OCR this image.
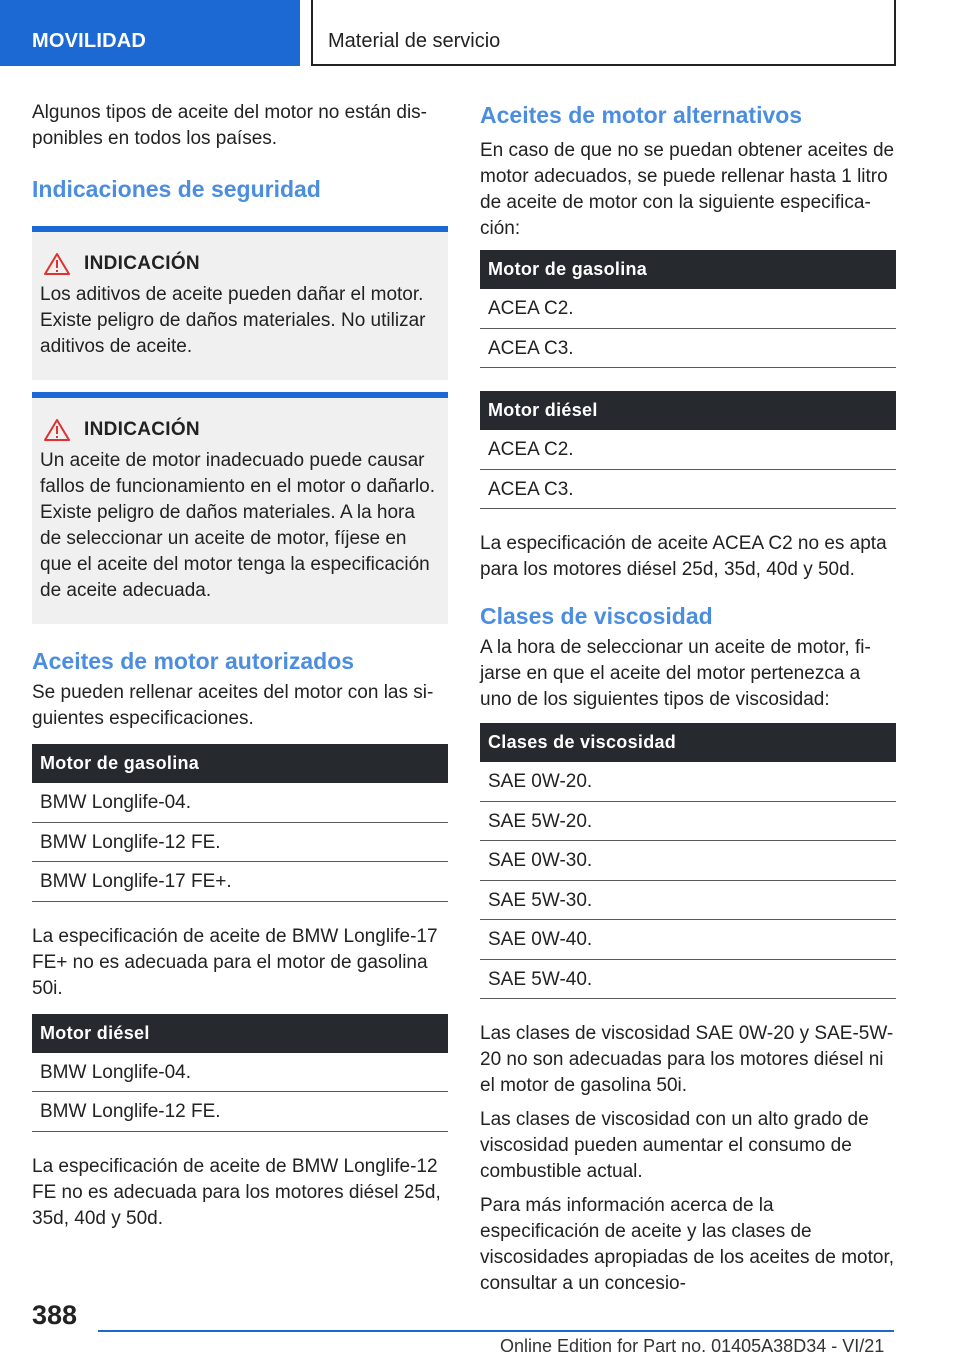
MOVILIDAD	Material de servicio

Algunos tipos de aceite del motor no están dis-ponibles en todos los países.

Indicaciones de seguridad
INDICACIÓN
Los aditivos de aceite pueden dañar el motor. Existe peligro de daños materiales. No utilizar aditivos de aceite.
INDICACIÓN
Un aceite de motor inadecuado puede causar fallos de funcionamiento en el motor o dañarlo. Existe peligro de daños materiales. A la hora de seleccionar un aceite de motor, fíjese en que el aceite del motor tenga la especificación de aceite adecuada.
Aceites de motor autorizados

Se pueden rellenar aceites del motor con las si-guientes especificaciones.

Motor de gasolina
BMW Longlife-04.
BMW Longlife-12 FE.
BMW Longlife-17 FE+.

La especificación de aceite de BMW Longlife-17 FE+ no es adecuada para el motor de gasolina 50i.

Motor diésel
BMW Longlife-04.
BMW Longlife-12 FE.

La especificación de aceite de BMW Longlife-12 FE no es adecuada para los motores diésel 25d, 35d, 40d y 50d.

Aceites de motor alternativos

En caso de que no se puedan obtener aceites de motor adecuados, se puede rellenar hasta 1 litro de aceite de motor con la siguiente especifica-ción:

Motor de gasolina
ACEA C2.
ACEA C3.
Motor diésel
ACEA C2.
ACEA C3.

La especificación de aceite ACEA C2 no es apta para los motores diésel 25d, 35d, 40d y 50d.

Clases de viscosidad

A la hora de seleccionar un aceite de motor, fi-jarse en que el aceite del motor pertenezca a uno de los siguientes tipos de viscosidad:

Clases de viscosidad
SAE 0W-20.
SAE 5W-20.
SAE 0W-30.
SAE 5W-30.
SAE 0W-40.
SAE 5W-40.

Las clases de viscosidad SAE 0W-20 y SAE-5W-20 no son adecuadas para los motores diésel ni el motor de gasolina 50i.

Las clases de viscosidad con un alto grado de viscosidad pueden aumentar el consumo de combustible actual.

Para más información acerca de la especificación de aceite y las clases de viscosidades apropiadas de los aceites de motor, consultar a un concesio-

388
Online Edition for Part no. 01405A38D34 - VI/21
